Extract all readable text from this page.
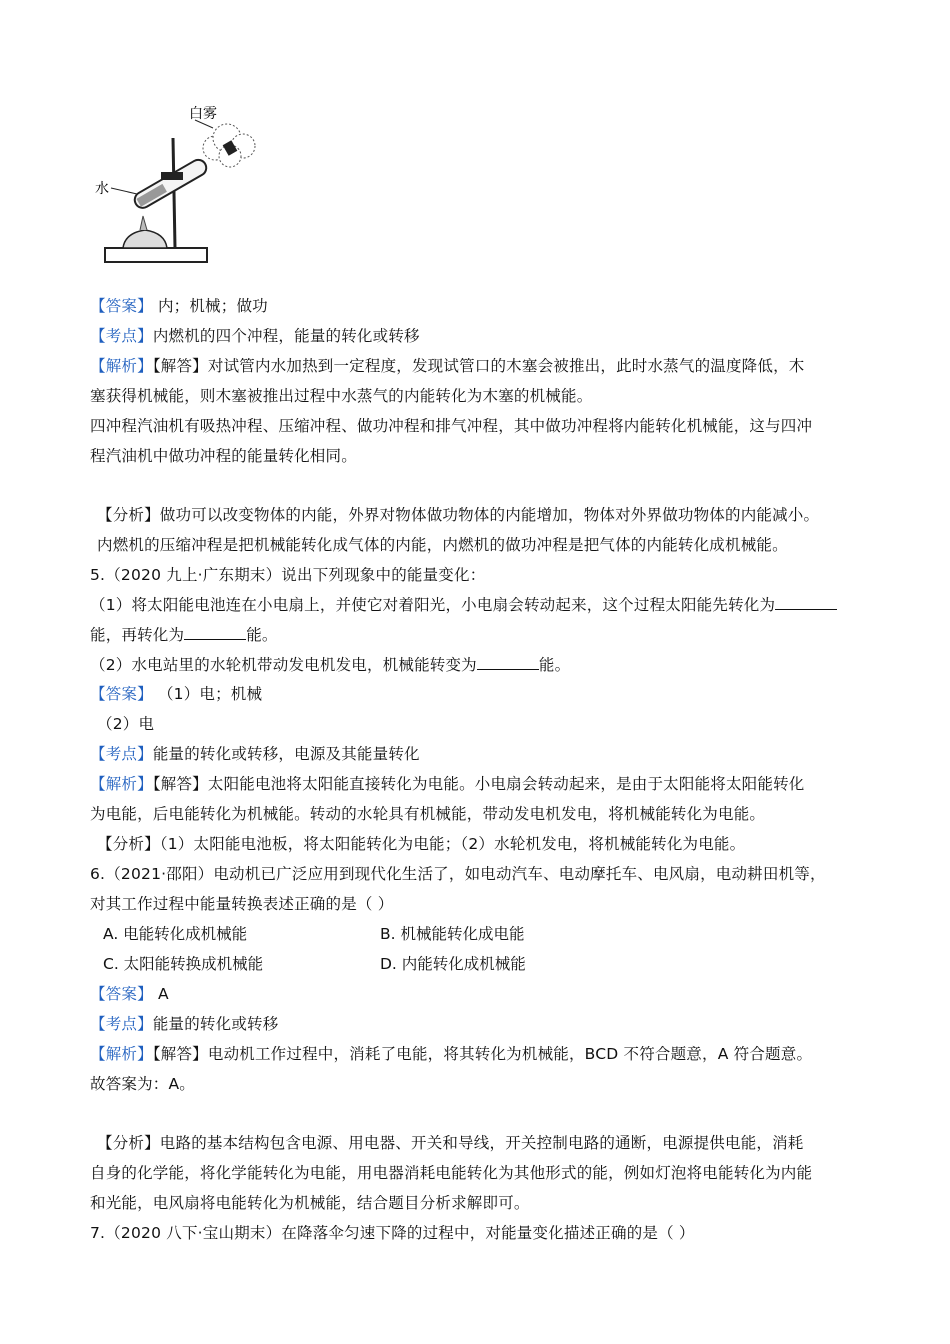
白雾
水
【答案】 内；机械；做功
【考点】内燃机的四个冲程，能量的转化或转移
【解析】【解答】对试管内水加热到一定程度，发现试管口的木塞会被推出，此时水蒸气的温度降低，木
塞获得机械能，则木塞被推出过程中水蒸气的内能转化为木塞的机械能。
四冲程汽油机有吸热冲程、压缩冲程、做功冲程和排气冲程，其中做功冲程将内能转化机械能，这与四冲
程汽油机中做功冲程的能量转化相同。
【分析】做功可以改变物体的内能，外界对物体做功物体的内能增加，物体对外界做功物体的内能减小。
内燃机的压缩冲程是把机械能转化成气体的内能，内燃机的做功冲程是把气体的内能转化成机械能。
5.（2020 九上·广东期末）说出下列现象中的能量变化：
（1）将太阳能电池连在小电扇上，并使它对着阳光，小电扇会转动起来，这个过程太阳能先转化为
能，再转化为	能。
（2）水电站里的水轮机带动发电机发电，机械能转变为	能。
【答案】 （1）电；机械
（2）电
【考点】能量的转化或转移，电源及其能量转化
【解析】【解答】太阳能电池将太阳能直接转化为电能。小电扇会转动起来，是由于太阳能将太阳能转化
为电能，后电能转化为机械能。转动的水轮具有机械能，带动发电机发电，将机械能转化为电能。
【分析】（1）太阳能电池板，将太阳能转化为电能；（2）水轮机发电，将机械能转化为电能。
6.（2021·邵阳）电动机已广泛应用到现代化生活了，如电动汽车、电动摩托车、电风扇，电动耕田机等，
对其工作过程中能量转换表述正确的是（ ）
A. 电能转化成机械能	B. 机械能转化成电能
C. 太阳能转换成机械能	D. 内能转化成机械能
【答案】 A
【考点】能量的转化或转移
【解析】【解答】电动机工作过程中，消耗了电能，将其转化为机械能，BCD 不符合题意，A 符合题意。
故答案为：A。
【分析】电路的基本结构包含电源、用电器、开关和导线，开关控制电路的通断，电源提供电能，消耗
自身的化学能，将化学能转化为电能，用电器消耗电能转化为其他形式的能，例如灯泡将电能转化为内能
和光能，电风扇将电能转化为机械能，结合题目分析求解即可。
7.（2020 八下·宝山期末）在降落伞匀速下降的过程中，对能量变化描述正确的是（ ）
